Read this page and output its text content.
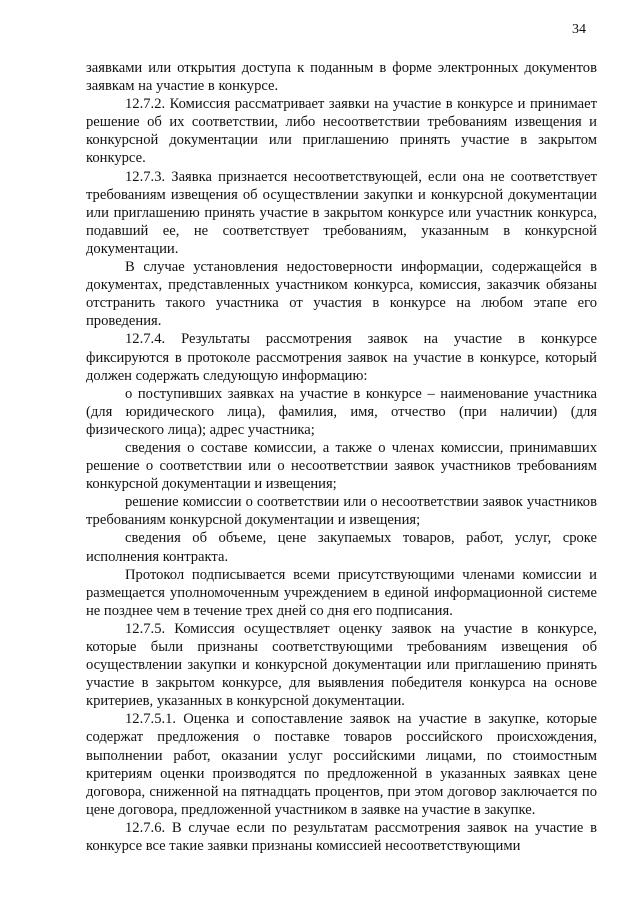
34

заявками или открытия доступа к поданным в форме электронных документов заявкам на участие в конкурсе.

12.7.2. Комиссия рассматривает заявки на участие в конкурсе и принимает решение об их соответствии, либо несоответствии требованиям извещения и конкурсной документации или приглашению принять участие в закрытом конкурсе.

12.7.3. Заявка признается несоответствующей, если она не соответствует требованиям извещения об осуществлении закупки и конкурсной документации или приглашению принять участие в закрытом конкурсе или участник конкурса, подавший ее, не соответствует требованиям, указанным в конкурсной документации.

В случае установления недостоверности информации, содержащейся в документах, представленных участником конкурса, комиссия, заказчик обязаны отстранить такого участника от участия в конкурсе на любом этапе его проведения.

12.7.4. Результаты рассмотрения заявок на участие в конкурсе фиксируются в протоколе рассмотрения заявок на участие в конкурсе, который должен содержать следующую информацию:

о поступивших заявках на участие в конкурсе – наименование участника (для юридического лица), фамилия, имя, отчество (при наличии) (для физического лица); адрес участника;

сведения о составе комиссии, а также о членах комиссии, принимавших решение о соответствии или о несоответствии заявок участников требованиям конкурсной документации и извещения;

решение комиссии о соответствии или о несоответствии заявок участников требованиям конкурсной документации и извещения;

сведения об объеме, цене закупаемых товаров, работ, услуг, сроке исполнения контракта.

Протокол подписывается всеми присутствующими членами комиссии и размещается уполномоченным учреждением в единой информационной системе не позднее чем в течение трех дней со дня его подписания.

12.7.5. Комиссия осуществляет оценку заявок на участие в конкурсе, которые были признаны соответствующими требованиям извещения об осуществлении закупки и конкурсной документации или приглашению принять участие в закрытом конкурсе, для выявления победителя конкурса на основе критериев, указанных в конкурсной документации.

12.7.5.1. Оценка и сопоставление заявок на участие в закупке, которые содержат предложения о поставке товаров российского происхождения, выполнении работ, оказании услуг российскими лицами, по стоимостным критериям оценки производятся по предложенной в указанных заявках цене договора, сниженной на пятнадцать процентов, при этом договор заключается по цене договора, предложенной участником в заявке на участие в закупке.

12.7.6. В случае если по результатам рассмотрения заявок на участие в конкурсе все такие заявки признаны комиссией несоответствующими
